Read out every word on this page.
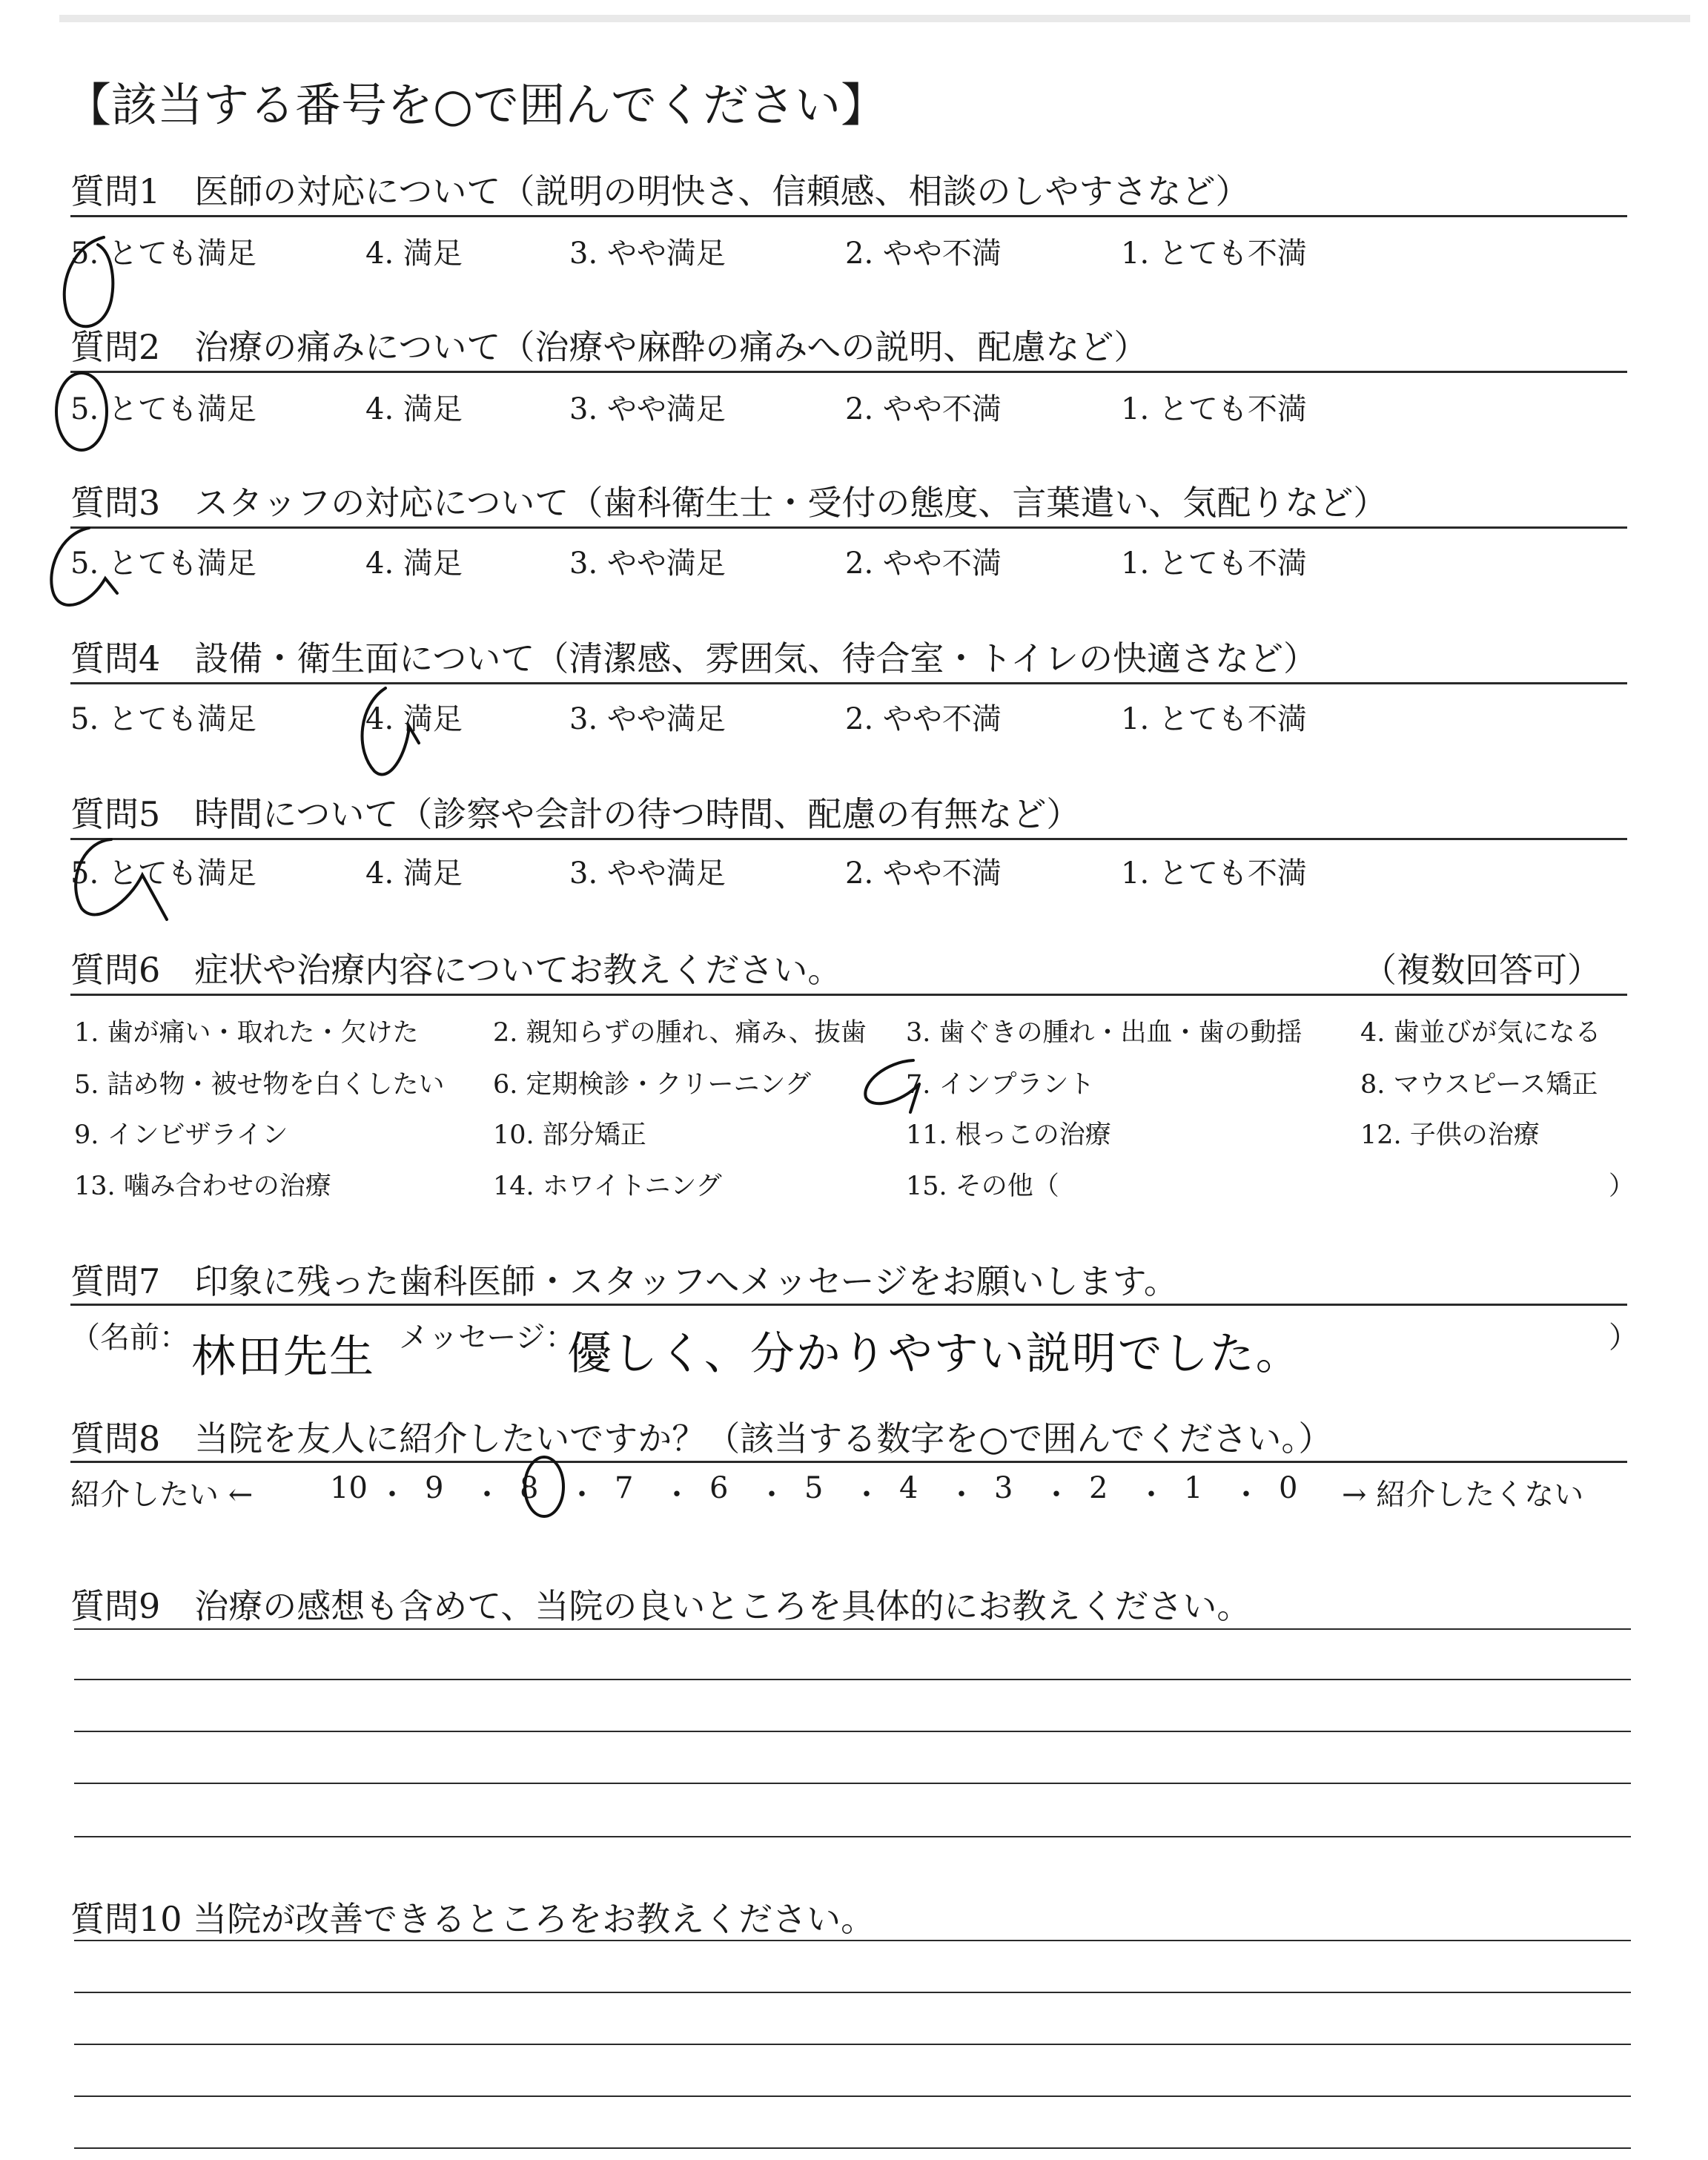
【該当する番号を○で囲んでください】
質問1　医師の対応について（説明の明快さ、信頼感、相談のしやすさなど）
5. とても満足	4. 満足	3. やや満足	2. やや不満	1. とても不満
質問2　治療の痛みについて（治療や麻酔の痛みへの説明、配慮など）
5. とても満足	4. 満足	3. やや満足	2. やや不満	1. とても不満
質問3　スタッフの対応について（歯科衛生士・受付の態度、言葉遣い、気配りなど）
5. とても満足	4. 満足	3. やや満足	2. やや不満	1. とても不満
質問4　設備・衛生面について（清潔感、雰囲気、待合室・トイレの快適さなど）
5. とても満足	4. 満足	3. やや満足	2. やや不満	1. とても不満
質問5　時間について（診察や会計の待つ時間、配慮の有無など）
5. とても満足	4. 満足	3. やや満足	2. やや不満	1. とても不満
質問6　症状や治療内容についてお教えください。	（複数回答可）
1. 歯が痛い・取れた・欠けた	2. 親知らずの腫れ、痛み、抜歯 3. 歯ぐきの腫れ・出血・歯の動揺 4. 歯並びが気になる
5. 詰め物・被せ物を白くしたい 6. 定期検診・クリーニング	7. インプラント	8. マウスピース矯正
9. インビザライン	10. 部分矯正	11. 根っこの治療	12. 子供の治療
13. 噛み合わせの治療	14. ホワイトニング	15. その他（	）
質問7　印象に残った歯科医師・スタッフへメッセージをお願いします。
（名前： 林田先生 メッセージ：
優しく、分かりやすい説明でした。	）
質問8　当院を友人に紹介したいですか？（該当する数字を○で囲んでください。）
紹介したい ←	10 ・ 9 ・ 8 ・ 7 ・ 6 ・ 5 ・ 4 ・ 3 ・ 2 ・ 1 ・ 0 → 紹介したくない
質問9　治療の感想も含めて、当院の良いところを具体的にお教えください。
質問10 当院が改善できるところをお教えください。
